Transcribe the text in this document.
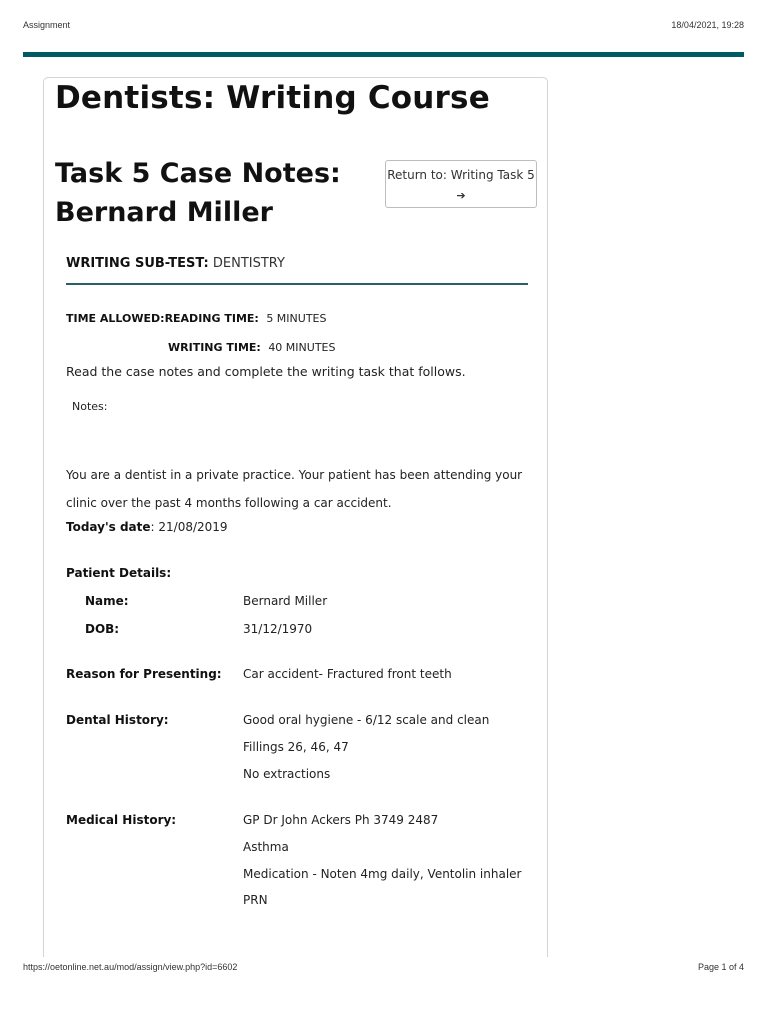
Assignment	18/04/2021, 19:28
Dentists: Writing Course
Task 5 Case Notes: Bernard Miller
Return to: Writing Task 5 ➔
WRITING SUB-TEST: DENTISTRY
TIME ALLOWED:READING TIME: 5 MINUTES
WRITING TIME: 40 MINUTES
Read the case notes and complete the writing task that follows.
Notes:
You are a dentist in a private practice. Your patient has been attending your clinic over the past 4 months following a car accident.
Today's date: 21/08/2019
Patient Details:
Name:	Bernard Miller
DOB:	31/12/1970
Reason for Presenting: Car accident- Fractured front teeth
Dental History:	Good oral hygiene - 6/12 scale and clean
Fillings 26, 46, 47
No extractions
Medical History:	GP Dr John Ackers Ph 3749 2487
Asthma
Medication - Noten 4mg daily, Ventolin inhaler
PRN
https://oetonline.net.au/mod/assign/view.php?id=6602	Page 1 of 4
